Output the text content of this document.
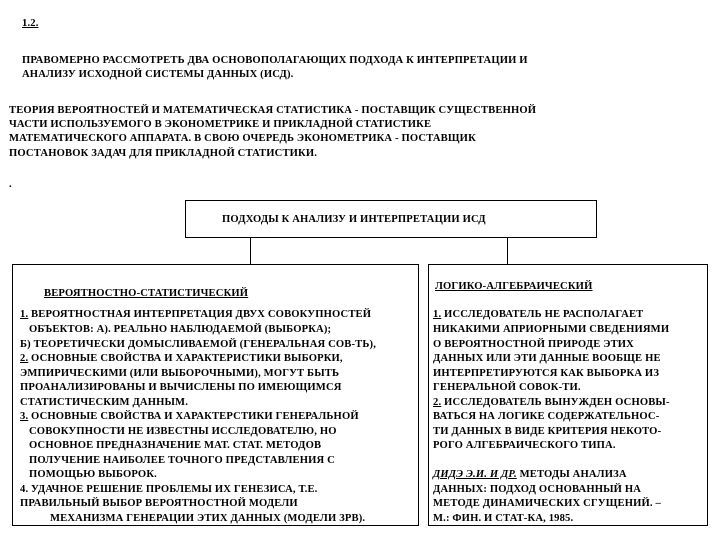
1.2.
ПРАВОМЕРНО РАССМОТРЕТЬ ДВА ОСНОВОПОЛАГАЮЩИХ ПОДХОДА К ИНТЕРПРЕТАЦИИ И
АНАЛИЗУ ИСХОДНОЙ СИСТЕМЫ ДАННЫХ (ИСД).
ТЕОРИЯ ВЕРОЯТНОСТЕЙ И МАТЕМАТИЧЕСКАЯ СТАТИСТИКА - ПОСТАВЩИК СУЩЕСТВЕННОЙ
ЧАСТИ ИСПОЛЬЗУЕМОГО В ЭКОНОМЕТРИКЕ И ПРИКЛАДНОЙ СТАТИСТИКЕ
МАТЕМАТИЧЕСКОГО АППАРАТА. В СВОЮ ОЧЕРЕДЬ ЭКОНОМЕТРИКА - ПОСТАВЩИК
ПОСТАНОВОК ЗАДАЧ ДЛЯ ПРИКЛАДНОЙ СТАТИСТИКИ.
.
ПОДХОДЫ К АНАЛИЗУ И ИНТЕРПРЕТАЦИИ ИСД
ВЕРОЯТНОСТНО-СТАТИСТИЧЕСКИЙ
1. ВЕРОЯТНОСТНАЯ ИНТЕРПРЕТАЦИЯ ДВУХ СОВОКУПНОСТЕЙ
ОБЪЕКТОВ: А). РЕАЛЬНО НАБЛЮДАЕМОЙ (ВЫБОРКА);
Б) ТЕОРЕТИЧЕСКИ ДОМЫСЛИВАЕМОЙ (ГЕНЕРАЛЬНАЯ СОВ-ТЬ),
2. ОСНОВНЫЕ СВОЙСТВА И ХАРАКТЕРИСТИКИ ВЫБОРКИ,
ЭМПИРИЧЕСКИМИ (ИЛИ ВЫБОРОЧНЫМИ), МОГУТ БЫТЬ
ПРОАНАЛИЗИРОВАНЫ И ВЫЧИСЛЕНЫ ПО ИМЕЮЩИМСЯ
СТАТИСТИЧЕСКИМ ДАННЫМ.
3. ОСНОВНЫЕ СВОЙСТВА И ХАРАКТЕРСТИКИ ГЕНЕРАЛЬНОЙ
СОВОКУПНОСТИ НЕ ИЗВЕСТНЫ ИССЛЕДОВАТЕЛЮ, НО
ОСНОВНОЕ ПРЕДНАЗНАЧЕНИЕ МАТ. СТАТ. МЕТОДОВ
ПОЛУЧЕНИЕ НАИБОЛЕЕ ТОЧНОГО ПРЕДСТАВЛЕНИЯ С
ПОМОЩЬЮ ВЫБОРОК.
4. УДАЧНОЕ РЕШЕНИЕ ПРОБЛЕМЫ ИХ ГЕНЕЗИСА, Т.Е.
ПРАВИЛЬНЫЙ ВЫБОР ВЕРОЯТНОСТНОЙ МОДЕЛИ
МЕХАНИЗМА ГЕНЕРАЦИИ ЭТИХ ДАННЫХ (МОДЕЛИ ЗРВ).
ЛОГИКО-АЛГЕБРАИЧЕСКИЙ
1. ИССЛЕДОВАТЕЛЬ НЕ РАСПОЛАГАЕТ
НИКАКИМИ АПРИОРНЫМИ СВЕДЕНИЯМИ
О ВЕРОЯТНОСТНОЙ ПРИРОДЕ ЭТИХ
ДАННЫХ ИЛИ ЭТИ ДАННЫЕ ВООБЩЕ НЕ
ИНТЕРПРЕТИРУЮТСЯ КАК ВЫБОРКА ИЗ
ГЕНЕРАЛЬНОЙ СОВОК-ТИ.
2. ИССЛЕДОВАТЕЛЬ ВЫНУЖДЕН ОСНОВЫ-
ВАТЬСЯ НА ЛОГИКЕ СОДЕРЖАТЕЛЬНОС-
ТИ ДАННЫХ В ВИДЕ КРИТЕРИЯ НЕКОТО-
РОГО АЛГЕБРАИЧЕСКОГО ТИПА.
ДИДЭ Э.И. И ДР. МЕТОДЫ АНАЛИЗА
ДАННЫХ: ПОДХОД ОСНОВАННЫЙ НА
МЕТОДЕ ДИНАМИЧЕСКИХ СГУЩЕНИЙ. –
М.: ФИН. И СТАТ-КА, 1985.
